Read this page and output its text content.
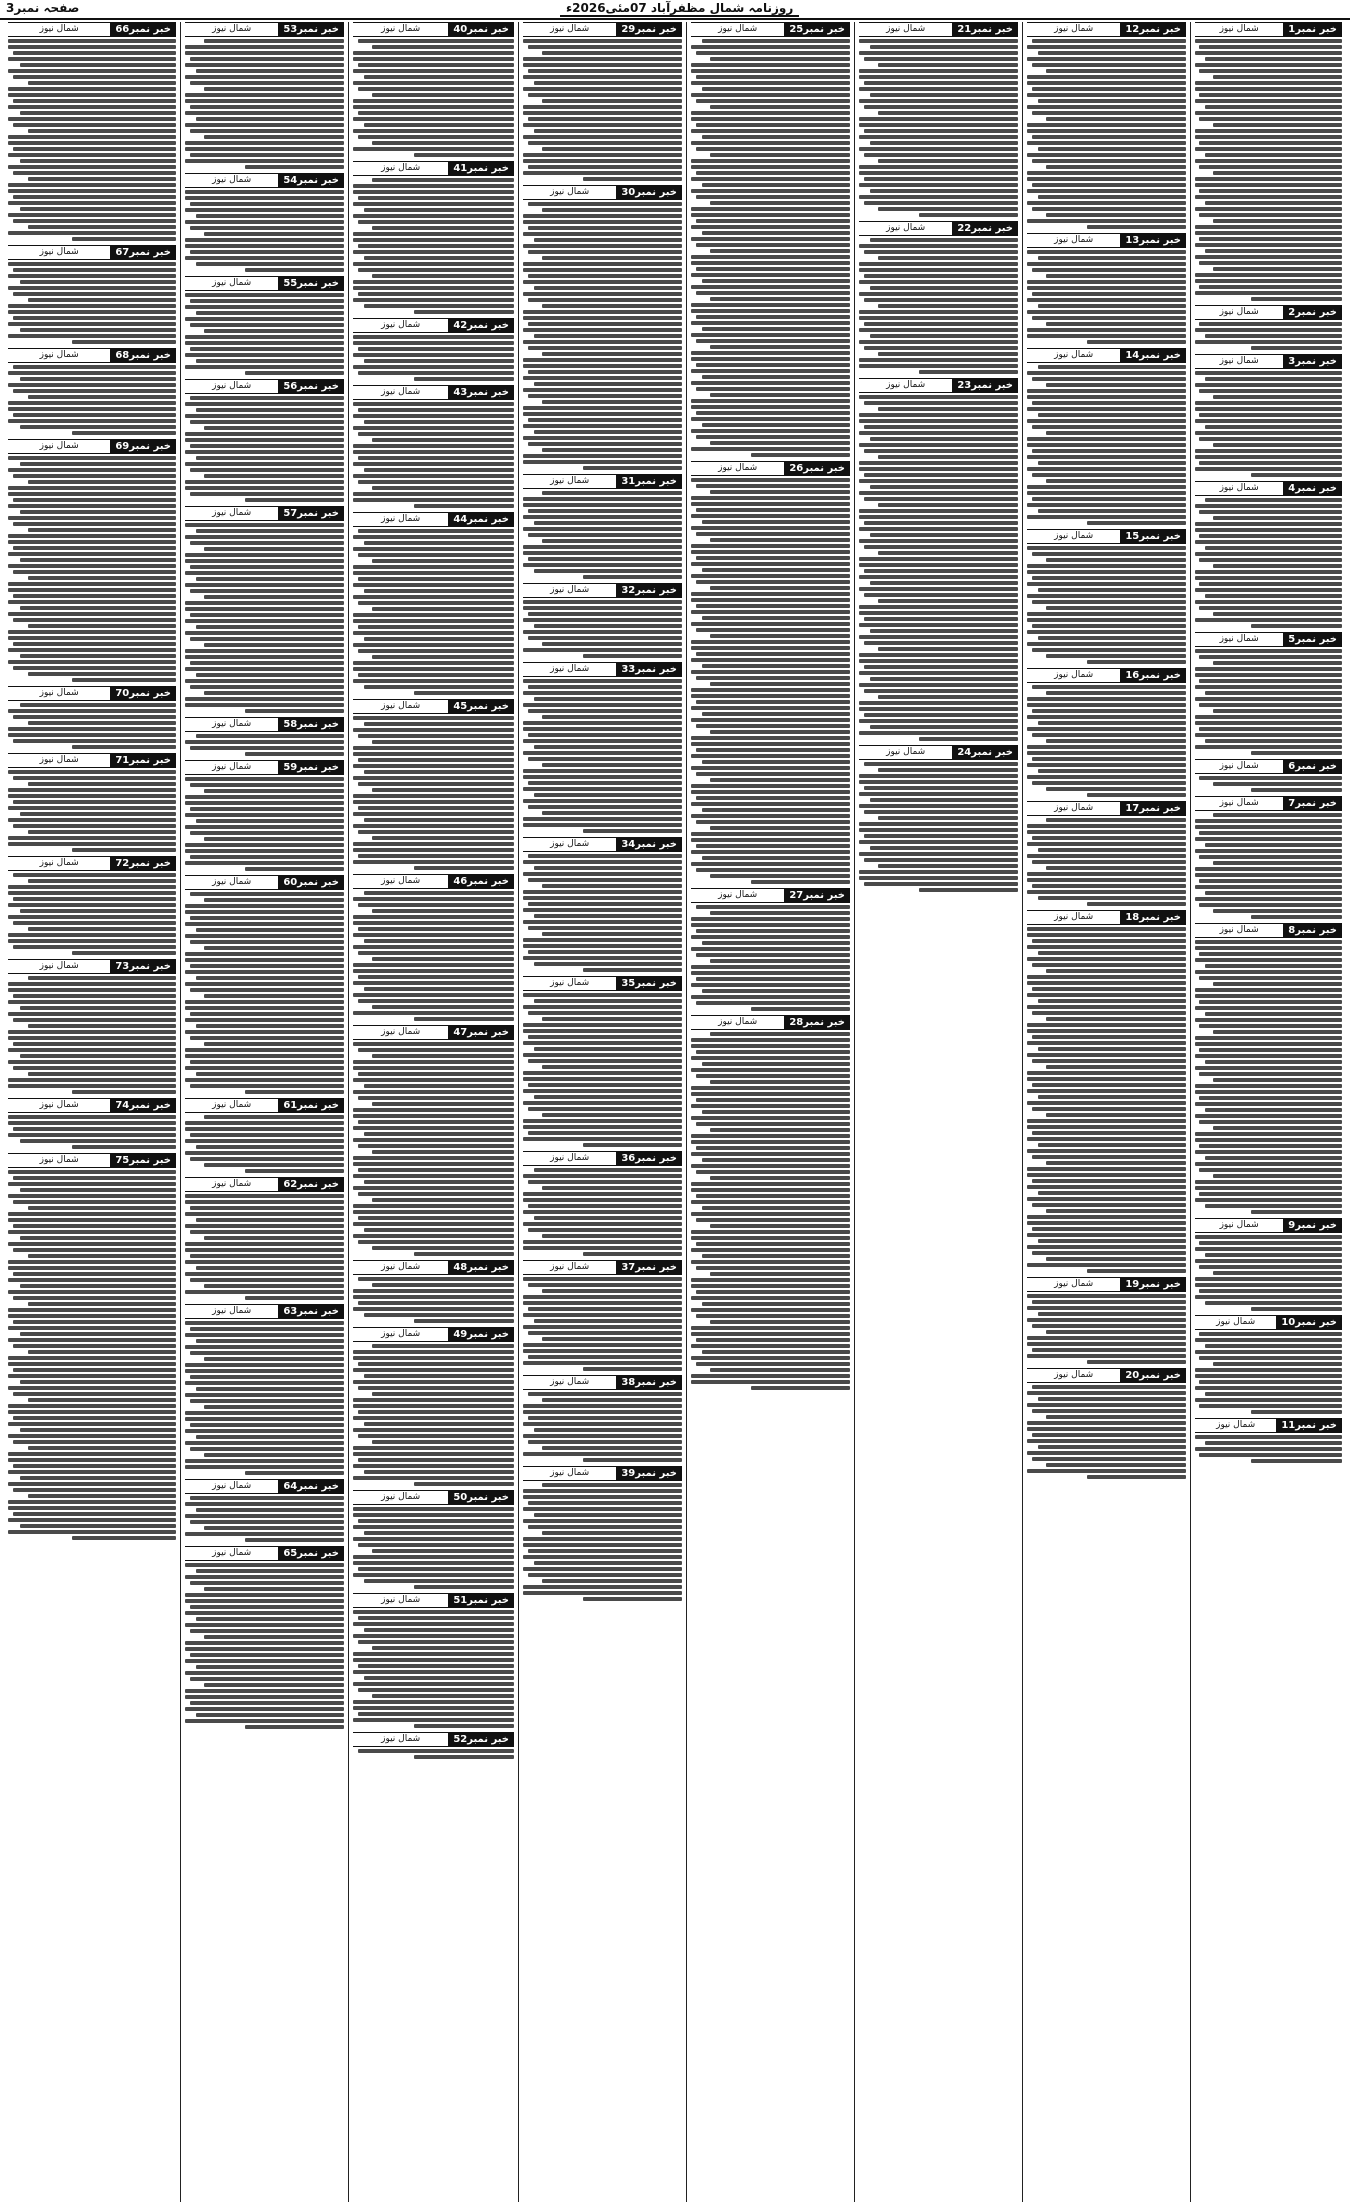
صفحہ نمبر3	روزنامہ شمال مظفرآباد 07مئی2026ء
خبر نمبر1
شمال نیوز
خبر نمبر2
شمال نیوز
خبر نمبر3
شمال نیوز
خبر نمبر4
شمال نیوز
خبر نمبر5
شمال نیوز
خبر نمبر6
شمال نیوز
خبر نمبر7
شمال نیوز
خبر نمبر8
شمال نیوز
خبر نمبر9
شمال نیوز
خبر نمبر10
شمال نیوز
خبر نمبر11
شمال نیوز
خبر نمبر12
شمال نیوز
خبر نمبر13
شمال نیوز
خبر نمبر14
شمال نیوز
خبر نمبر15
شمال نیوز
خبر نمبر16
شمال نیوز
خبر نمبر17
شمال نیوز
خبر نمبر18
شمال نیوز
خبر نمبر19
شمال نیوز
خبر نمبر20
شمال نیوز
خبر نمبر21
شمال نیوز
خبر نمبر22
شمال نیوز
خبر نمبر23
شمال نیوز
خبر نمبر24
شمال نیوز
خبر نمبر25
شمال نیوز
خبر نمبر26
شمال نیوز
خبر نمبر27
شمال نیوز
خبر نمبر28
شمال نیوز
خبر نمبر29
شمال نیوز
خبر نمبر30
شمال نیوز
خبر نمبر31
شمال نیوز
خبر نمبر32
شمال نیوز
خبر نمبر33
شمال نیوز
خبر نمبر34
شمال نیوز
خبر نمبر35
شمال نیوز
خبر نمبر36
شمال نیوز
خبر نمبر37
شمال نیوز
خبر نمبر38
شمال نیوز
خبر نمبر39
شمال نیوز
خبر نمبر40
شمال نیوز
خبر نمبر41
شمال نیوز
خبر نمبر42
شمال نیوز
خبر نمبر43
شمال نیوز
خبر نمبر44
شمال نیوز
خبر نمبر45
شمال نیوز
خبر نمبر46
شمال نیوز
خبر نمبر47
شمال نیوز
خبر نمبر48
شمال نیوز
خبر نمبر49
شمال نیوز
خبر نمبر50
شمال نیوز
خبر نمبر51
شمال نیوز
خبر نمبر52
شمال نیوز
خبر نمبر53
شمال نیوز
خبر نمبر54
شمال نیوز
خبر نمبر55
شمال نیوز
خبر نمبر56
شمال نیوز
خبر نمبر57
شمال نیوز
خبر نمبر58
شمال نیوز
خبر نمبر59
شمال نیوز
خبر نمبر60
شمال نیوز
خبر نمبر61
شمال نیوز
خبر نمبر62
شمال نیوز
خبر نمبر63
شمال نیوز
خبر نمبر64
شمال نیوز
خبر نمبر65
شمال نیوز
خبر نمبر66
شمال نیوز
خبر نمبر67
شمال نیوز
خبر نمبر68
شمال نیوز
خبر نمبر69
شمال نیوز
خبر نمبر70
شمال نیوز
خبر نمبر71
شمال نیوز
خبر نمبر72
شمال نیوز
خبر نمبر73
شمال نیوز
خبر نمبر74
شمال نیوز
خبر نمبر75
شمال نیوز
